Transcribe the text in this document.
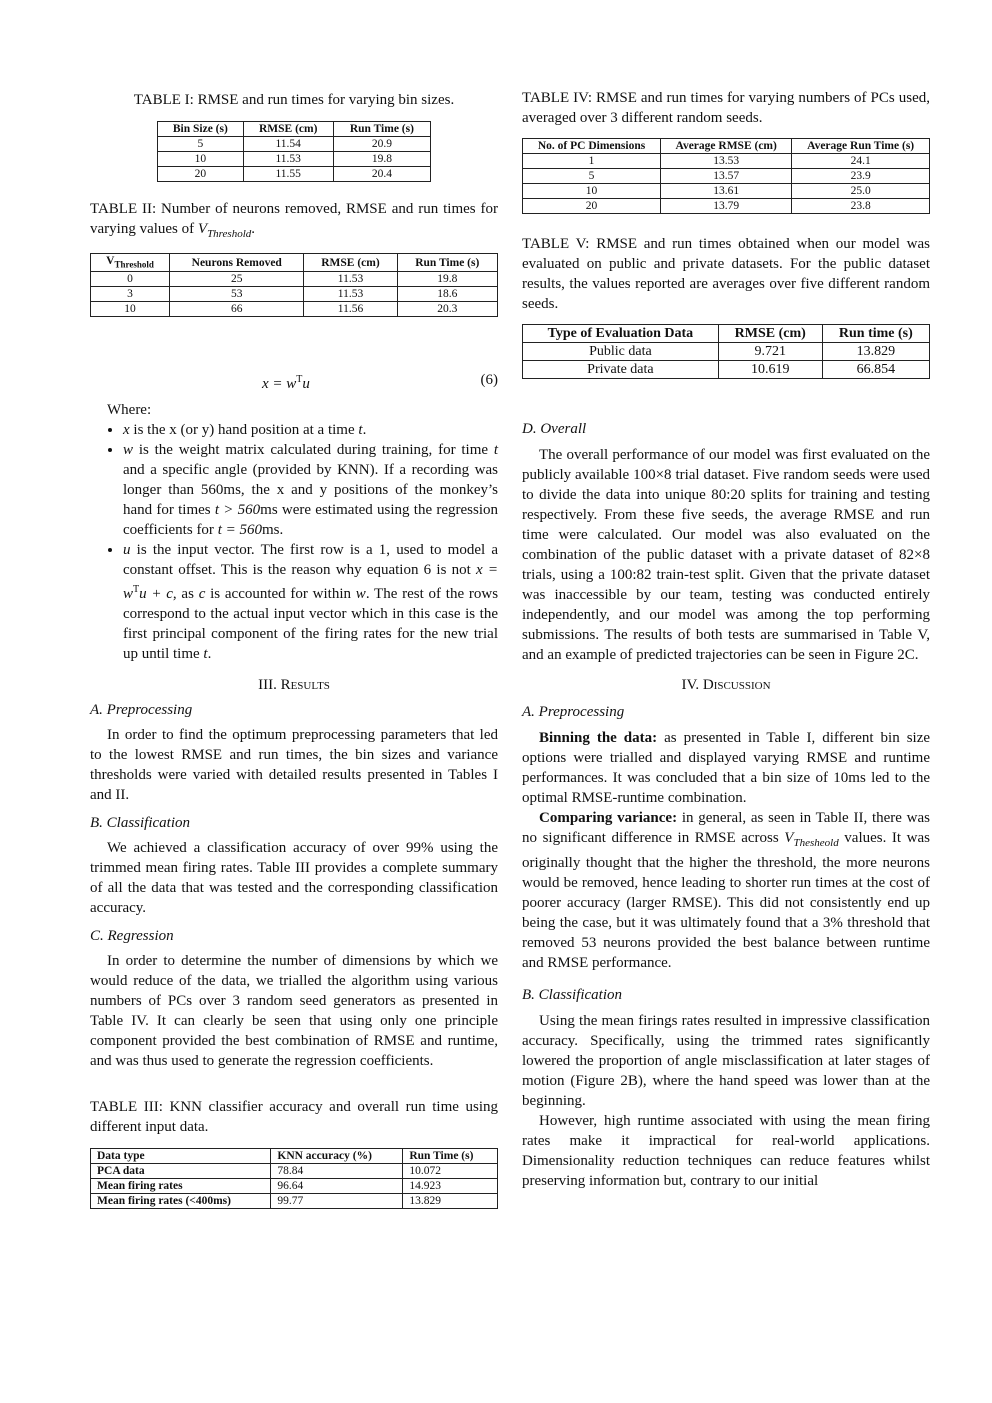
TABLE I: RMSE and run times for varying bin sizes.

Bin Size (s)	RMSE (cm)	Run Time (s)
5	11.54	20.9
10	11.53	19.8
20	11.55	20.4

TABLE II: Number of neurons removed, RMSE and run times for varying values of $V_{Threshold}$.

$V_{Threshold}$	Neurons Removed	RMSE (cm)	Run Time (s)
0	25	11.53	19.8
3	53	11.53	18.6
10	66	11.56	20.3
$x = w^Tu$	(6)

Where:

• x is the x (or y) hand position at a time t.
• w is the weight matrix calculated during training, for time t and a specific angle (provided by KNN). If a recording was longer than 560ms, the x and y positions of the monkey’s hand for times t > 560ms were estimated using the regression coefficients for t = 560ms.
• u is the input vector. The first row is a 1, used to model a constant offset. This is the reason why equation 6 is not $x = w^Tu + c$, as c is accounted for within w. The rest of the rows correspond to the actual input vector which in this case is the first principal component of the firing rates for the new trial up until time t.

III. Results

A. Preprocessing

In order to find the optimum preprocessing parameters that led to the lowest RMSE and run times, the bin sizes and variance thresholds were varied with detailed results presented in Tables I and II.

B. Classification

We achieved a classification accuracy of over 99% using the trimmed mean firing rates. Table III provides a complete summary of all the data that was tested and the corresponding classification accuracy.

C. Regression

In order to determine the number of dimensions by which we would reduce of the data, we trialled the algorithm using various numbers of PCs over 3 random seed generators as presented in Table IV. It can clearly be seen that using only one principle component provided the best combination of RMSE and runtime, and was thus used to generate the regression coefficients.

TABLE III: KNN classifier accuracy and overall run time using different input data.

Data type	KNN accuracy (%)	Run Time (s)
PCA data	78.84	10.072
Mean firing rates	96.64	14.923
Mean firing rates (<400ms)	99.77	13.829

TABLE IV: RMSE and run times for varying numbers of PCs used, averaged over 3 different random seeds.

No. of PC Dimensions	Average RMSE (cm)	Average Run Time (s)
1	13.53	24.1
5	13.57	23.9
10	13.61	25.0
20	13.79	23.8

TABLE V: RMSE and run times obtained when our model was evaluated on public and private datasets. For the public dataset results, the values reported are averages over five different random seeds.

Type of Evaluation Data	RMSE (cm)	Run time (s)
Public data	9.721	13.829
Private data	10.619	66.854

D. Overall

The overall performance of our model was first evaluated on the publicly available 100×8 trial dataset. Five random seeds were used to divide the data into unique 80:20 splits for training and testing respectively. From these five seeds, the average RMSE and run time were calculated. Our model was also evaluated on the combination of the public dataset with a private dataset of 82×8 trials, using a 100:82 train-test split. Given that the private dataset was inaccessible by our team, testing was conducted entirely independently, and our model was among the top performing submissions. The results of both tests are summarised in Table V, and an example of predicted trajectories can be seen in Figure 2C.

IV. Discussion

A. Preprocessing

Binning the data: as presented in Table I, different bin size options were trialled and displayed varying RMSE and runtime performances. It was concluded that a bin size of 10ms led to the optimal RMSE-runtime combination.

Comparing variance: in general, as seen in Table II, there was no significant difference in RMSE across $V_{Thesheold}$ values. It was originally thought that the higher the threshold, the more neurons would be removed, hence leading to shorter run times at the cost of poorer accuracy (larger RMSE). This did not consistently end up being the case, but it was ultimately found that a 3% threshold that removed 53 neurons provided the best balance between runtime and RMSE performance.

B. Classification

Using the mean firings rates resulted in impressive classification accuracy. Specifically, using the trimmed rates significantly lowered the proportion of angle misclassification at later stages of motion (Figure 2B), where the hand speed was lower than at the beginning.

However, high runtime associated with using the mean firing rates make it impractical for real-world applications. Dimensionality reduction techniques can reduce features whilst preserving information but, contrary to our initial
